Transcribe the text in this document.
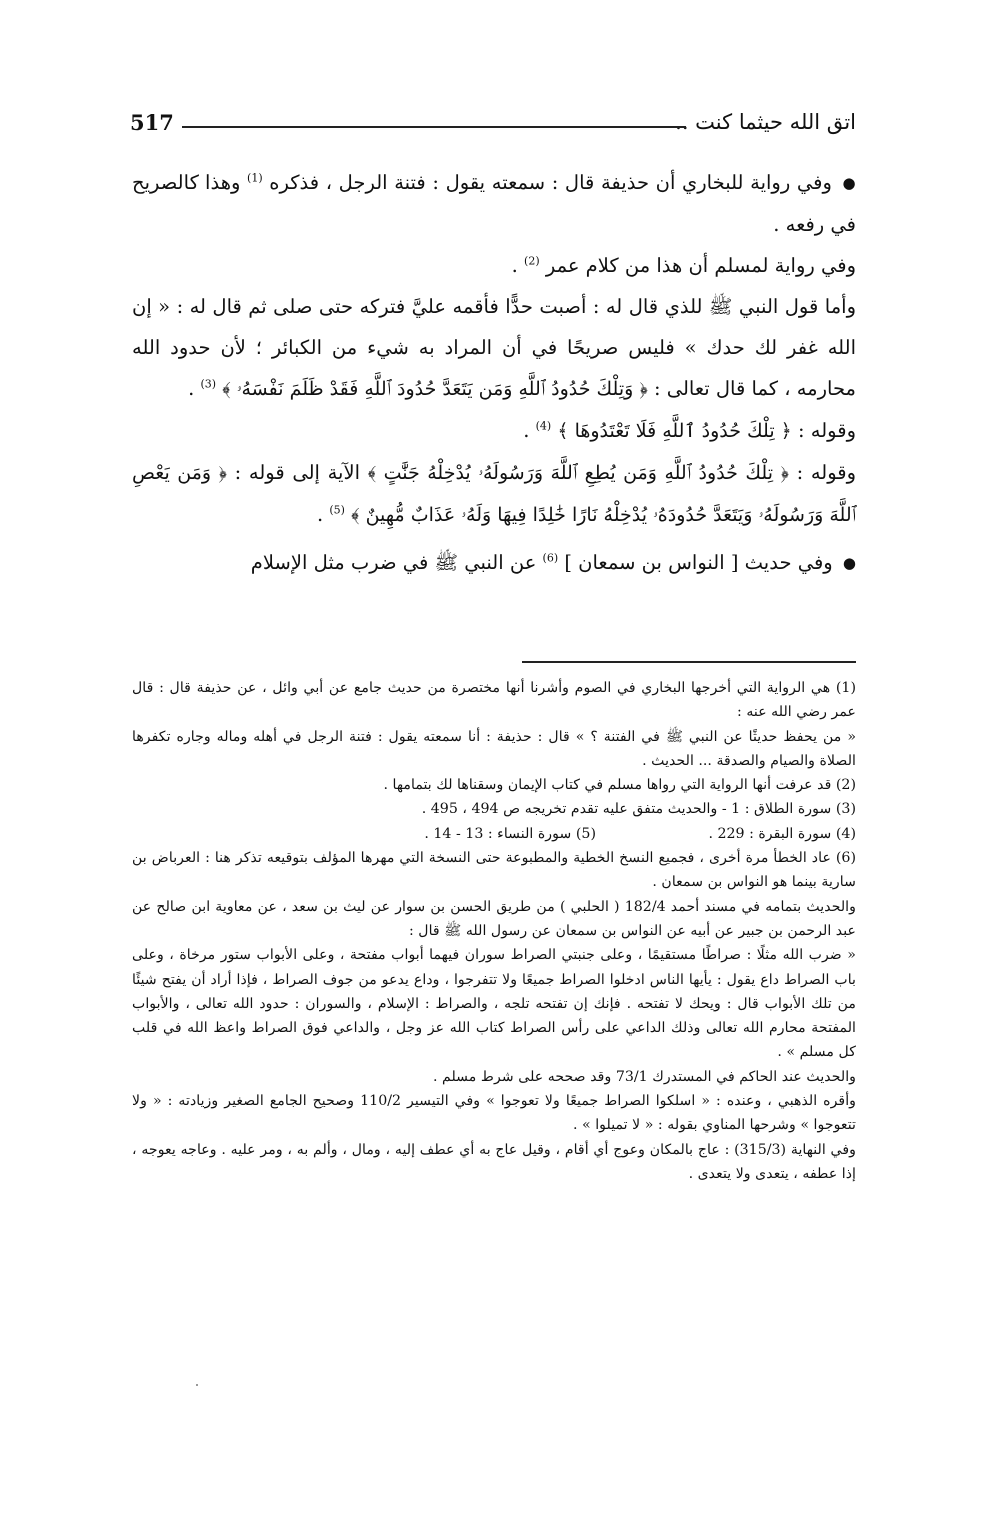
اتق الله حيثما كنت ..
517

● وفي رواية للبخاري أن حذيفة قال : سمعته يقول : فتنة الرجل ، فذكره $^{(1)}$ وهذا كالصريح في رفعه .

وفي رواية لمسلم أن هذا من كلام عمر $^{(2)}$ .

وأما قول النبي ﷺ للذي قال له : أصبت حدًّا فأقمه عليَّ فتركه حتى صلى ثم قال له : « إن الله غفر لك حدك » فليس صريحًا في أن المراد به شيء من الكبائر ؛ لأن حدود الله محارمه ، كما قال تعالى : ﴿ وَتِلْكَ حُدُودُ ٱللَّهِ وَمَن يَتَعَدَّ حُدُودَ ٱللَّهِ فَقَدْ ظَلَمَ نَفْسَهُۥ ﴾ $^{(3)}$ .

وقوله : ﴿ تِلْكَ حُدُودُ ٱللَّهِ فَلَا تَعْتَدُوهَا ﴾ $^{(4)}$ .

وقوله : ﴿ تِلْكَ حُدُودُ ٱللَّهِ وَمَن يُطِعِ ٱللَّهَ وَرَسُولَهُۥ يُدْخِلْهُ جَنَّٰتٍ ﴾ الآية إلى قوله : ﴿ وَمَن يَعْصِ ٱللَّهَ وَرَسُولَهُۥ وَيَتَعَدَّ حُدُودَهُۥ يُدْخِلْهُ نَارًا خَٰلِدًا فِيهَا وَلَهُۥ عَذَابٌ مُّهِينٌ ﴾ $^{(5)}$ .

● وفي حديث [ النواس بن سمعان ] $^{(6)}$ عن النبي ﷺ في ضرب مثل الإسلام

(1) هي الرواية التي أخرجها البخاري في الصوم وأشرنا أنها مختصرة من حديث جامع عن أبي وائل ، عن حذيفة قال : قال عمر رضي الله عنه :

« من يحفظ حديثًا عن النبي ﷺ في الفتنة ؟ » قال : حذيفة : أنا سمعته يقول : فتنة الرجل في أهله وماله وجاره تكفرها الصلاة والصيام والصدقة ... الحديث .

(2) قد عرفت أنها الرواية التي رواها مسلم في كتاب الإيمان وسقناها لك بتمامها .

(3) سورة الطلاق : 1 - والحديث متفق عليه تقدم تخريجه ص 494 ، 495 .

(4) سورة البقرة : 229 .
(5) سورة النساء : 13 - 14 .

(6) عاد الخطأ مرة أخرى ، فجميع النسخ الخطية والمطبوعة حتى النسخة التي مهرها المؤلف بتوقيعه تذكر هنا : العرباض بن سارية بينما هو النواس بن سمعان .

والحديث بتمامه في مسند أحمد 182/4 ( الحلبي ) من طريق الحسن بن سوار عن ليث بن سعد ، عن معاوية ابن صالح عن عبد الرحمن بن جبير عن أبيه عن النواس بن سمعان عن رسول الله ﷺ قال :

« ضرب الله مثلًا : صراطًا مستقيمًا ، وعلى جنبتي الصراط سوران فيهما أبواب مفتحة ، وعلى الأبواب ستور مرخاة ، وعلى باب الصراط داع يقول : يأيها الناس ادخلوا الصراط جميعًا ولا تتفرجوا ، وداع يدعو من جوف الصراط ، فإذا أراد أن يفتح شيئًا من تلك الأبواب قال : ويحك لا تفتحه . فإنك إن تفتحه تلجه ، والصراط : الإسلام ، والسوران : حدود الله تعالى ، والأبواب المفتحة محارم الله تعالى وذلك الداعي على رأس الصراط كتاب الله عز وجل ، والداعي فوق الصراط واعظ الله في قلب كل مسلم » .

والحديث عند الحاكم في المستدرك 73/1 وقد صححه على شرط مسلم .

وأقره الذهبي ، وعنده : « اسلكوا الصراط جميعًا ولا تعوجوا » وفي التيسير 110/2 وصحيح الجامع الصغير وزيادته : « ولا تتعوجوا » وشرحها المناوي بقوله : « لا تميلوا » .

وفي النهاية (315/3) : عاج بالمكان وعوج أي أقام ، وقيل عاج به أي عطف إليه ، ومال ، وألم به ، ومر عليه . وعاجه يعوجه ، إذا عطفه ، يتعدى ولا يتعدى .
